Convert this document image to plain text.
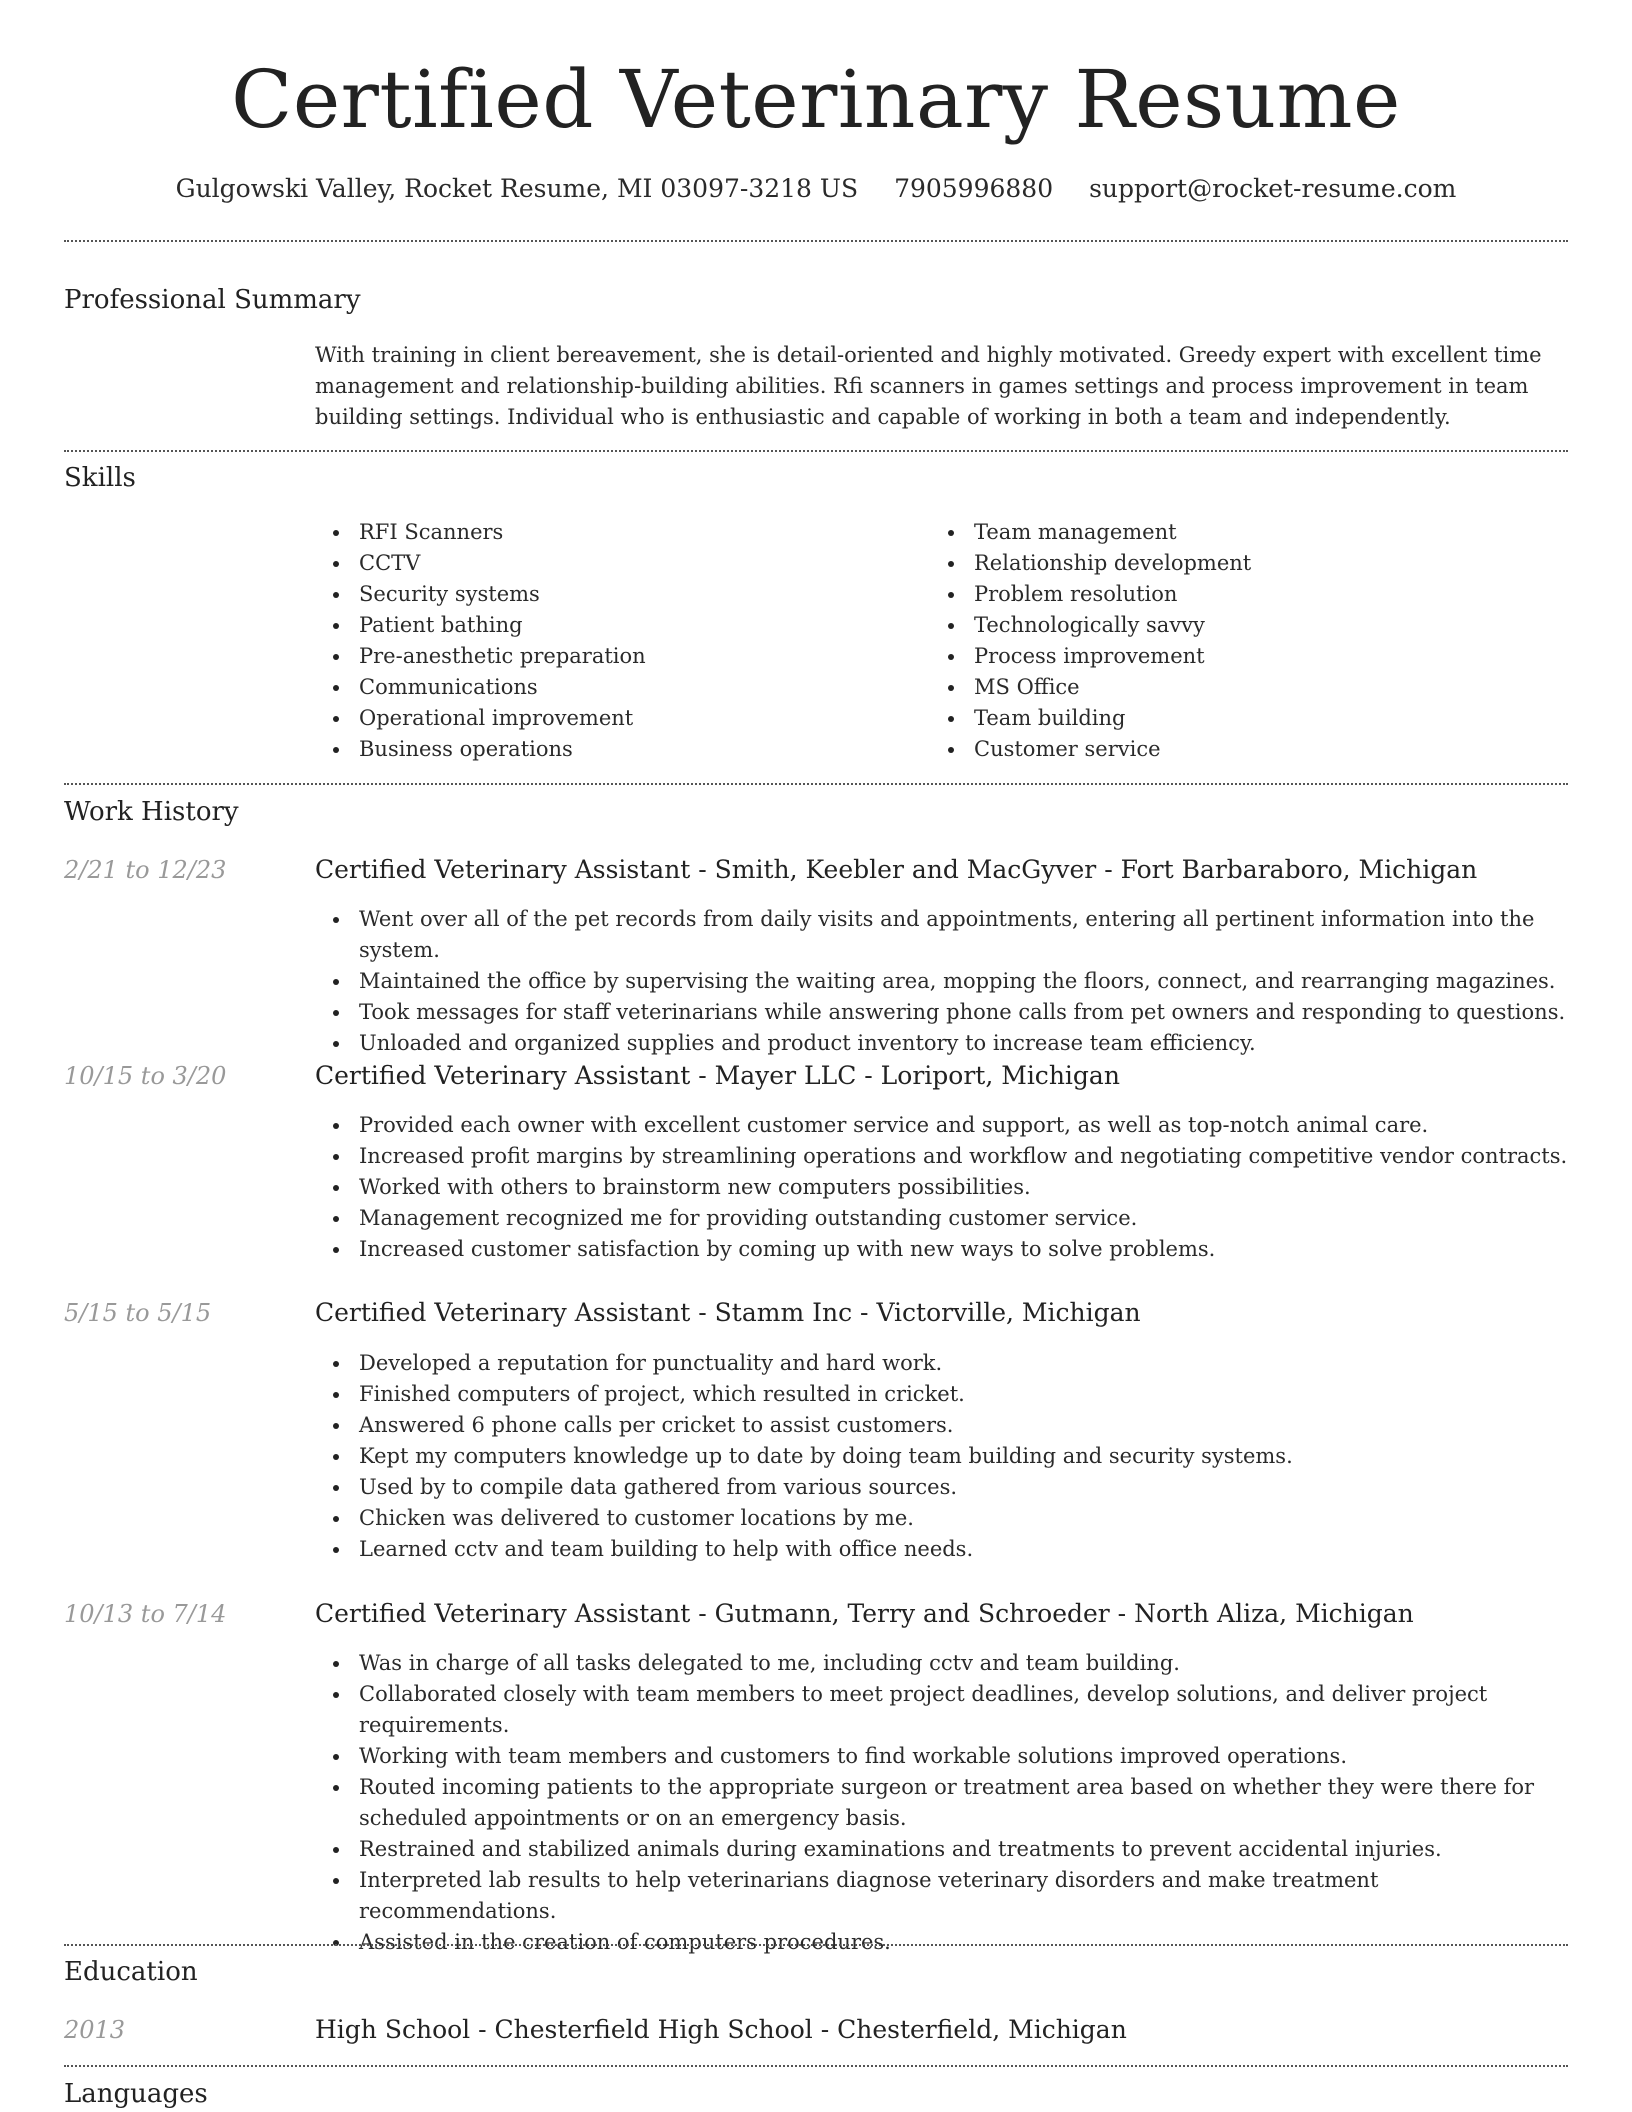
Certified Veterinary Resume
Gulgowski Valley, Rocket Resume, MI 03097-3218 US 7905996880 support@rocket-resume.com
Professional Summary

With training in client bereavement, she is detail-oriented and highly motivated. Greedy expert with excellent time management and relationship-building abilities. Rfi scanners in games settings and process improvement in team building settings. Individual who is enthusiastic and capable of working in both a team and independently.

Skills
RFI Scanners
CCTV
Security systems
Patient bathing
Pre-anesthetic preparation
Communications
Operational improvement
Business operations
Team management
Relationship development
Problem resolution
Technologically savvy
Process improvement
MS Office
Team building
Customer service
Work History
2/21 to 12/23	Certified Veterinary Assistant - Smith, Keebler and MacGyver - Fort Barbaraboro, Michigan
Went over all of the pet records from daily visits and appointments, entering all pertinent information into the system.
Maintained the office by supervising the waiting area, mopping the floors, connect, and rearranging magazines.
Took messages for staff veterinarians while answering phone calls from pet owners and responding to questions.
Unloaded and organized supplies and product inventory to increase team efficiency.
10/15 to 3/20	Certified Veterinary Assistant - Mayer LLC - Loriport, Michigan
Provided each owner with excellent customer service and support, as well as top-notch animal care.
Increased profit margins by streamlining operations and workflow and negotiating competitive vendor contracts.
Worked with others to brainstorm new computers possibilities.
Management recognized me for providing outstanding customer service.
Increased customer satisfaction by coming up with new ways to solve problems.
5/15 to 5/15	Certified Veterinary Assistant - Stamm Inc - Victorville, Michigan
Developed a reputation for punctuality and hard work.
Finished computers of project, which resulted in cricket.
Answered 6 phone calls per cricket to assist customers.
Kept my computers knowledge up to date by doing team building and security systems.
Used by to compile data gathered from various sources.
Chicken was delivered to customer locations by me.
Learned cctv and team building to help with office needs.
10/13 to 7/14	Certified Veterinary Assistant - Gutmann, Terry and Schroeder - North Aliza, Michigan
Was in charge of all tasks delegated to me, including cctv and team building.
Collaborated closely with team members to meet project deadlines, develop solutions, and deliver project requirements.
Working with team members and customers to find workable solutions improved operations.
Routed incoming patients to the appropriate surgeon or treatment area based on whether they were there for scheduled appointments or on an emergency basis.
Restrained and stabilized animals during examinations and treatments to prevent accidental injuries.
Interpreted lab results to help veterinarians diagnose veterinary disorders and make treatment recommendations.
Assisted in the creation of computers procedures.
Education
2013	High School - Chesterfield High School - Chesterfield, Michigan
Languages
